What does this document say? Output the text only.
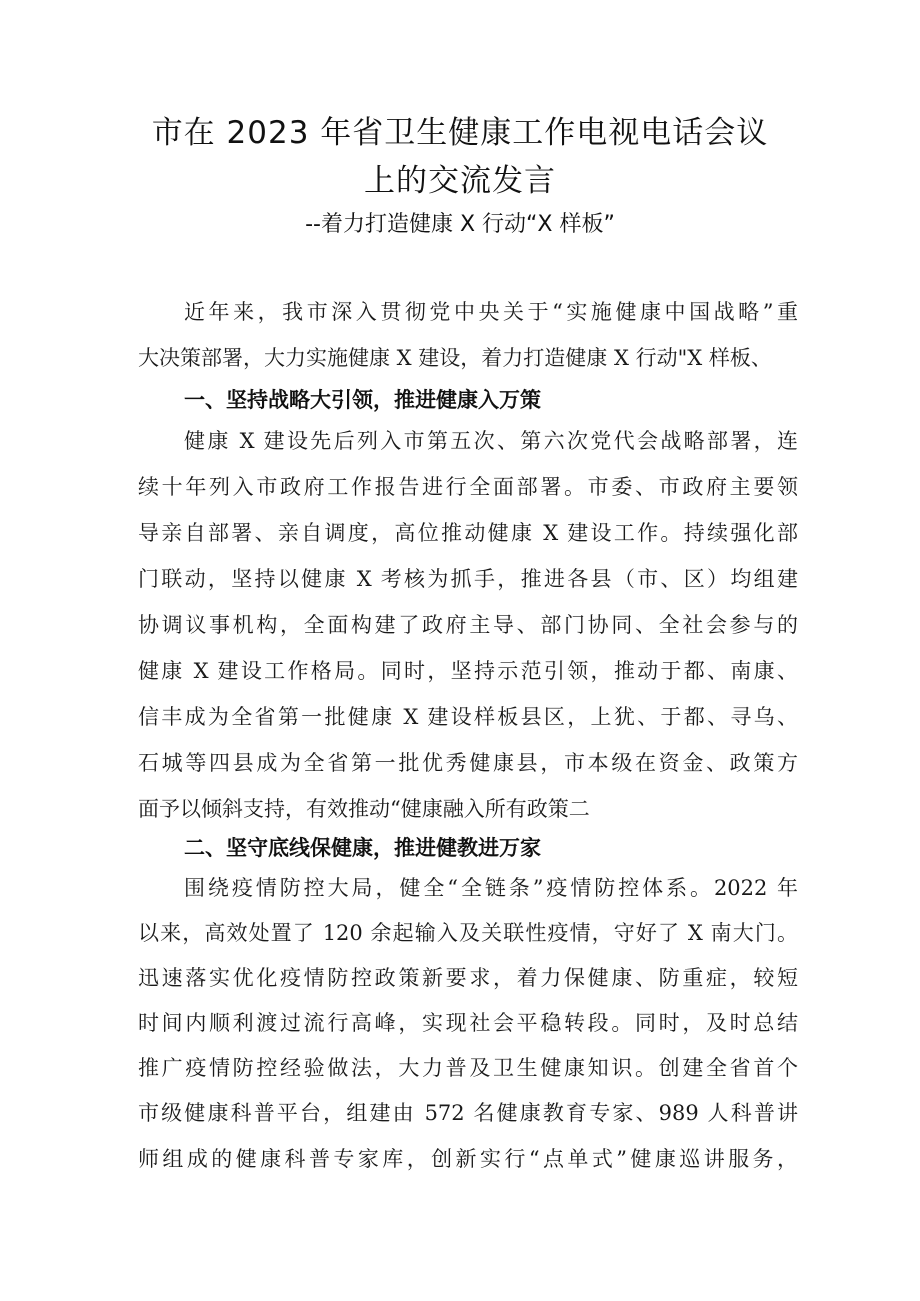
市在 2023 年省卫生健康工作电视电话会议
上的交流发言
--着力打造健康 X 行动“X 样板”
近年来，我市深入贯彻党中央关于“实施健康中国战略”重
大决策部署，大力实施健康 X 建设，着力打造健康 X 行动"X 样板、
一、坚持战略大引领，推进健康入万策
健康 X 建设先后列入市第五次、第六次党代会战略部署，连
续十年列入市政府工作报告进行全面部署。市委、市政府主要领
导亲自部署、亲自调度，高位推动健康 X 建设工作。持续强化部
门联动，坚持以健康 X 考核为抓手，推进各县（市、区）均组建
协调议事机构，全面构建了政府主导、部门协同、全社会参与的
健康 X 建设工作格局。同时，坚持示范引领，推动于都、南康、
信丰成为全省第一批健康 X 建设样板县区，上犹、于都、寻乌、
石城等四县成为全省第一批优秀健康县，市本级在资金、政策方
面予以倾斜支持，有效推动“健康融入所有政策二
二、坚守底线保健康，推进健教进万家
围绕疫情防控大局，健全“全链条”疫情防控体系。2022 年
以来，高效处置了 120 余起输入及关联性疫情，守好了 X 南大门。
迅速落实优化疫情防控政策新要求，着力保健康、防重症，较短
时间内顺利渡过流行高峰，实现社会平稳转段。同时，及时总结
推广疫情防控经验做法，大力普及卫生健康知识。创建全省首个
市级健康科普平台，组建由 572 名健康教育专家、989 人科普讲
师组成的健康科普专家库，创新实行“点单式”健康巡讲服务，
